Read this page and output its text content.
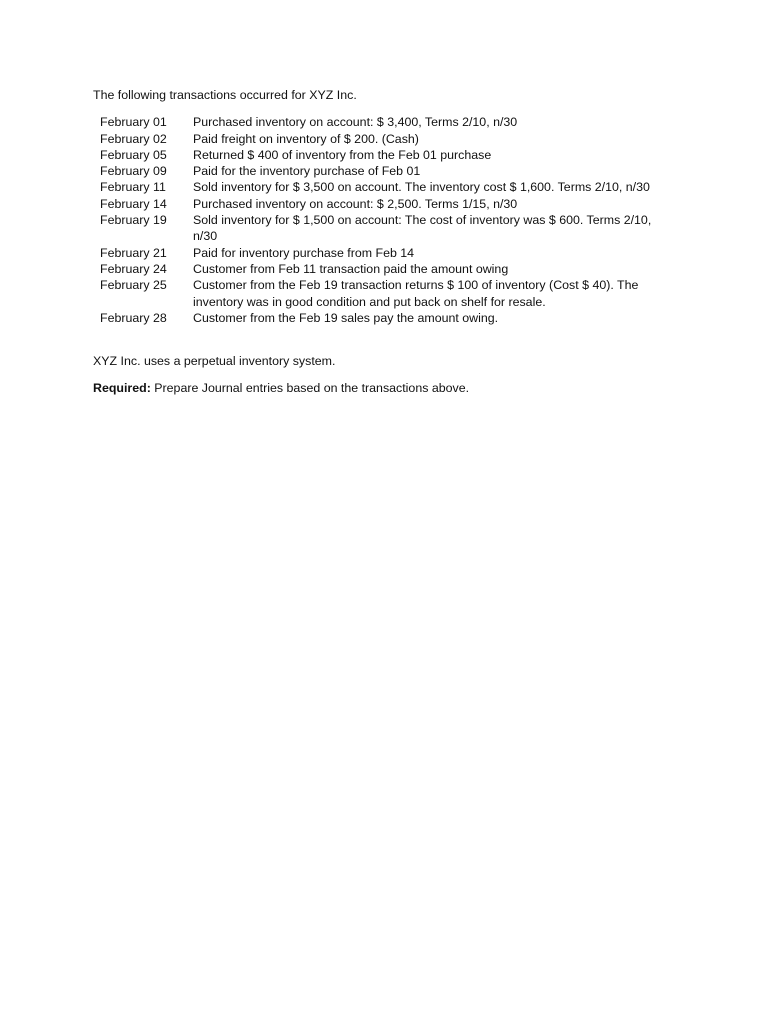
The following transactions occurred for XYZ Inc.

February 01	Purchased inventory on account: $ 3,400, Terms 2/10, n/30
February 02	Paid freight on inventory of $ 200. (Cash)
February 05	Returned $ 400 of inventory from the Feb 01 purchase
February 09	Paid for the inventory purchase of Feb 01
February 11	Sold inventory for $ 3,500 on account. The inventory cost $ 1,600. Terms 2/10, n/30
February 14	Purchased inventory on account: $ 2,500. Terms 1/15, n/30
February 19	Sold inventory for $ 1,500 on account: The cost of inventory was $ 600. Terms 2/10, n/30
February 21	Paid for inventory purchase from Feb 14
February 24	Customer from Feb 11 transaction paid the amount owing
February 25	Customer from the Feb 19 transaction returns $ 100 of inventory (Cost $ 40). The inventory was in good condition and put back on shelf for resale.
February 28	Customer from the Feb 19 sales pay the amount owing.

XYZ Inc. uses a perpetual inventory system.

Required: Prepare Journal entries based on the transactions above.
